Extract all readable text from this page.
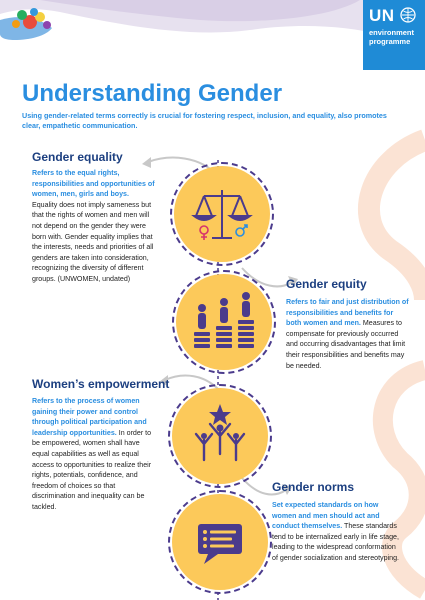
UN
environment
programme
Understanding Gender
Using gender-related terms correctly is crucial for fostering respect, inclusion, and equality, also promotes clear, empathetic communication.
Gender equality
Refers to the equal rights, responsibilities and opportunities of women, men, girls and boys. Equality does not imply sameness but that the rights of women and men will not depend on the gender they were born with. Gender equality implies that the interests, needs and priorities of all genders are taken into consideration, recognizing the diversity of different groups. (UNWOMEN, undated)	Gender equity
Refers to fair and just distribution of responsibilities and benefits for both women and men. Measures to compensate for previously occurred and occurring disadvantages that limit their responsibilities and benefits may be needed.
Women’s empowerment
Refers to the process of women gaining their power and control through political participation and leadership opportunities. In order to be empowered, women shall have equal capabilities as well as equal access to opportunities to realize their rights, potentials, confidence, and freedom of choices so that discrimination and inequality can be tackled.
Gender norms
Set expected standards on how women and men should act and conduct themselves. These standards tend to be internalized early in life stage, leading to the widespread conformation of gender socialization and stereotyping.
